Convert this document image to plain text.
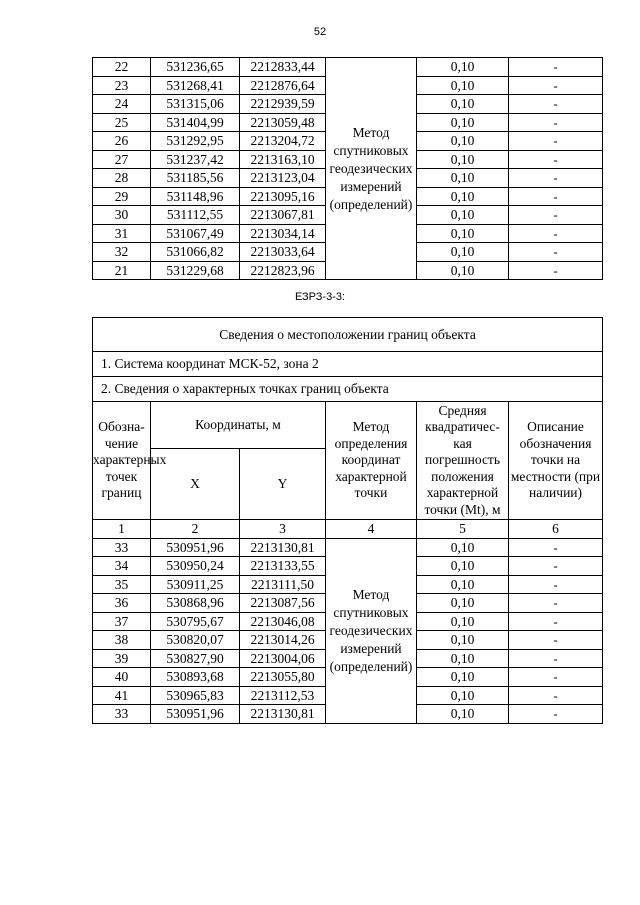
52
22	531236,65	2212833,44	Метод спутниковых геодезических измерений (определений)	0,10	-
23	531268,41	2212876,64		0,10	-
24	531315,06	2212939,59		0,10	-
25	531404,99	2213059,48		0,10	-
26	531292,95	2213204,72		0,10	-
27	531237,42	2213163,10		0,10	-
28	531185,56	2213123,04		0,10	-
29	531148,96	2213095,16		0,10	-
30	531112,55	2213067,81		0,10	-
31	531067,49	2213034,14		0,10	-
32	531066,82	2213033,64		0,10	-
21	531229,68	2212823,96		0,10	-
ЕЗРЗ-3-3:
Сведения о местоположении границ объекта					
1. Система координат МСК-52, зона 2					
2. Сведения о характерных точках границ объекта					
Обозна-чение характерных точек границ	Координаты, м		Метод определения координат характерной точки	Средняя квадратичес-кая погрешность положения характерной точки (Mt), м	Описание обозначения точки на местности (при наличии)
	X	Y			
1	2	3	4	5	6
33	530951,96	2213130,81	Метод спутниковых геодезических измерений (определений)	0,10	-
34	530950,24	2213133,55		0,10	-
35	530911,25	2213111,50		0,10	-
36	530868,96	2213087,56		0,10	-
37	530795,67	2213046,08		0,10	-
38	530820,07	2213014,26		0,10	-
39	530827,90	2213004,06		0,10	-
40	530893,68	2213055,80		0,10	-
41	530965,83	2213112,53		0,10	-
33	530951,96	2213130,81		0,10	-
